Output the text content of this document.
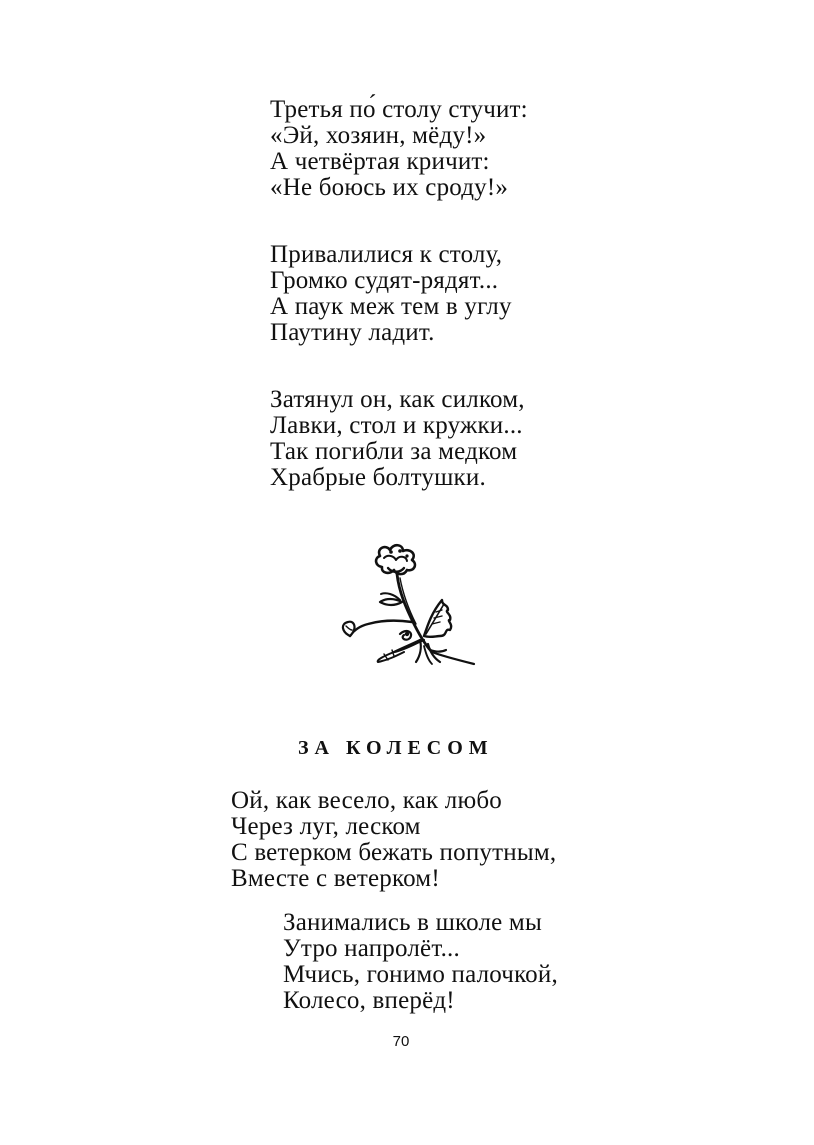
Третья по́ столу стучит:
«Эй, хозяин, мёду!»
А четвёртая кричит:
«Не боюсь их сроду!»
Привалилися к столу,
Громко судят-рядят...
А паук меж тем в углу
Паутину ладит.
Затянул он, как силком,
Лавки, стол и кружки...
Так погибли за медком
Храбрые болтушки.
ЗА КОЛЕСОМ
Ой, как весело, как любо
Через луг, леском
С ветерком бежать попутным,
Вместе с ветерком!
Занимались в школе мы
Утро напролёт...
Мчись, гонимо палочкой,
Колесо, вперёд!
70
